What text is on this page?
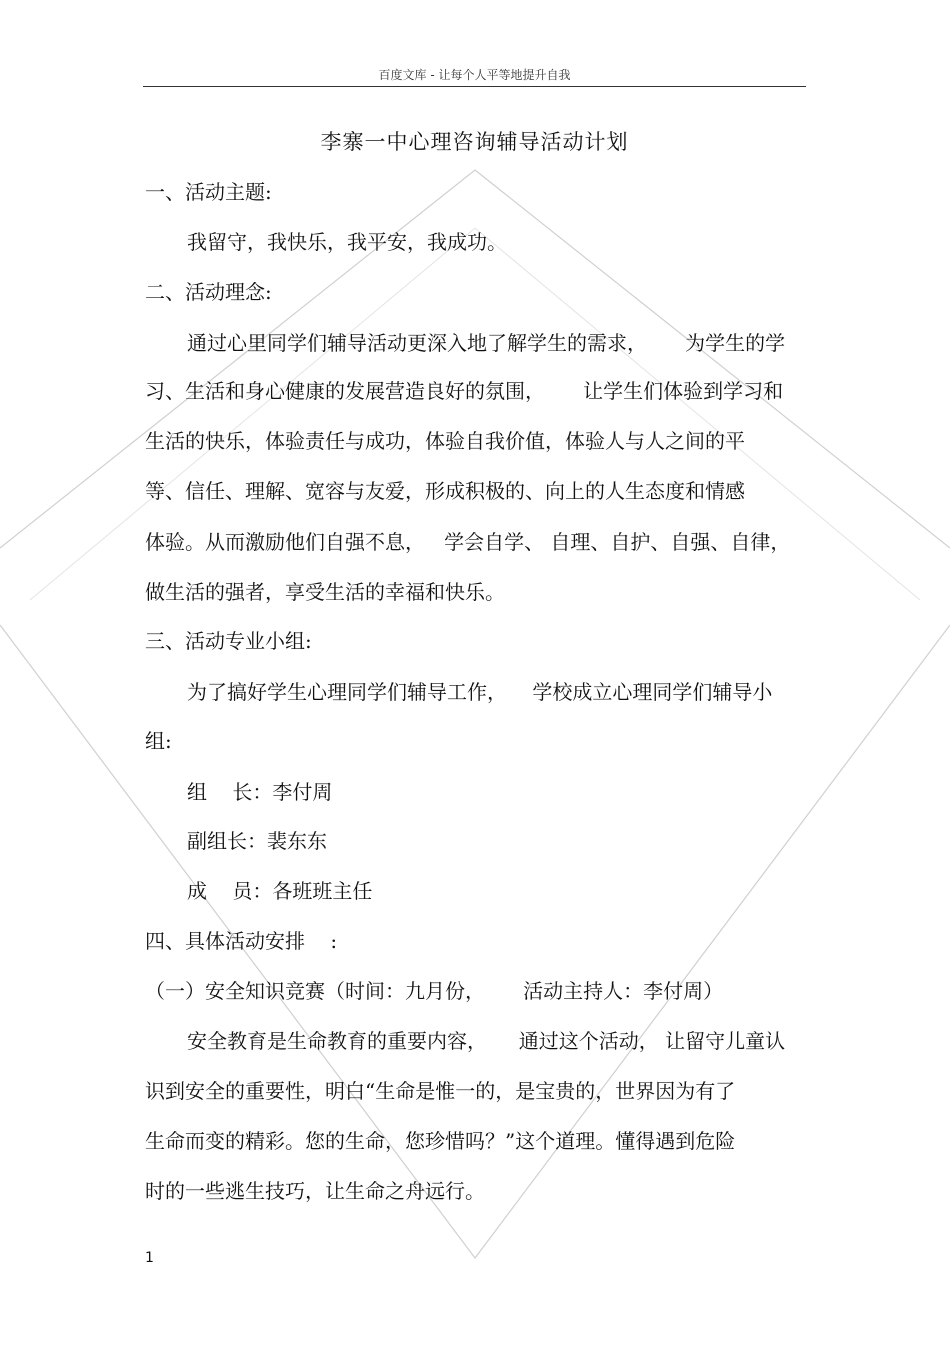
百度文库 - 让每个人平等地提升自我
李寨一中心理咨询辅导活动计划
一、活动主题:
我留守，我快乐，我平安，我成功。
二、活动理念:
通过心里同学们辅导活动更深入地了解学生的需求，      为学生的学
习、生活和身心健康的发展营造良好的氛围，      让学生们体验到学习和
生活的快乐，体验责任与成功，体验自我价值，体验人与人之间的平
等、信任、理解、宽容与友爱，形成积极的、向上的人生态度和情感
体验。从而激励他们自强不息，   学会自学、 自理、自护、自强、自律，
做生活的强者，享受生活的幸福和快乐。
三、活动专业小组:
为了搞好学生心理同学们辅导工作，    学校成立心理同学们辅导小
组:
组    长：李付周
副组长：裴东东
成    员：各班班主任
四、具体活动安排    :
（一）安全知识竞赛（时间：九月份，      活动主持人：李付周）
安全教育是生命教育的重要内容，     通过这个活动， 让留守儿童认
识到安全的重要性，明白“生命是惟一的，是宝贵的，世界因为有了
生命而变的精彩。您的生命，您珍惜吗？”这个道理。懂得遇到危险
时的一些逃生技巧，让生命之舟远行。
1
